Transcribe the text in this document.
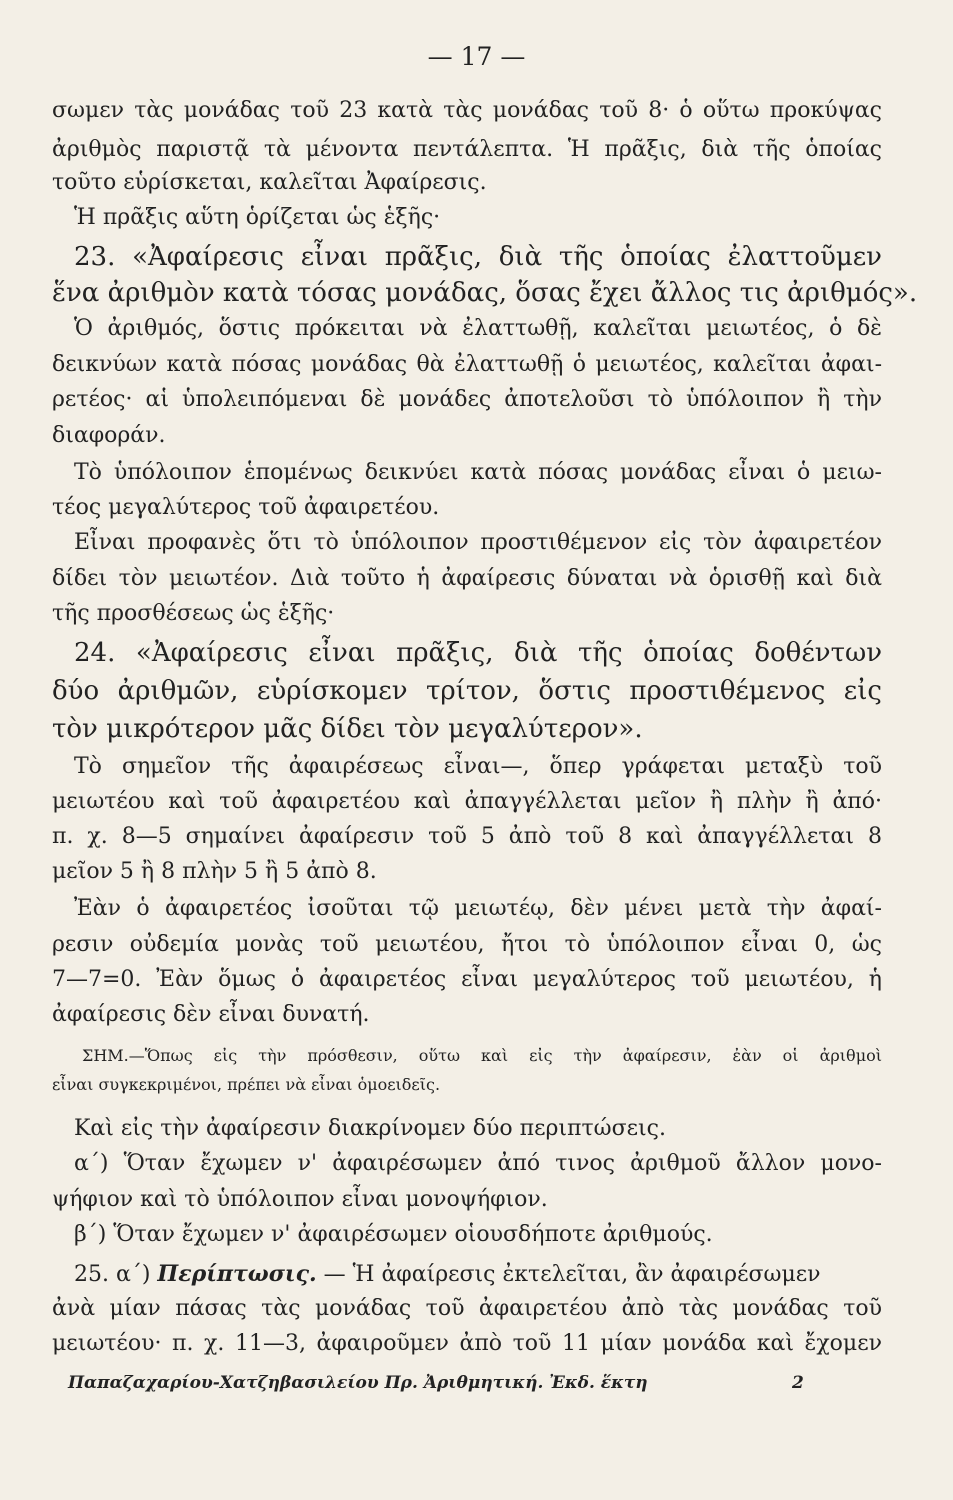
— 17 —
σωμεν τὰς μονάδας τοῦ 23 κατὰ τὰς μονάδας τοῦ 8· ὁ οὕτω προκύψας
ἀριθμὸς παριστᾷ τὰ μένοντα πεντάλεπτα. Ἡ πρᾶξις, διὰ τῆς ὁποίας
τοῦτο εὑρίσκεται, καλεῖται Ἀφαίρεσις.
Ἡ πρᾶξις αὕτη ὁρίζεται ὡς ἑξῆς·
23. «Ἀφαίρεσις εἶναι πρᾶξις, διὰ τῆς ὁποίας ἐλαττοῦμεν
ἕνα ἀριθμὸν κατὰ τόσας μονάδας, ὅσας ἔχει ἄλλος τις ἀριθμός».
Ὁ ἀριθμός, ὅστις πρόκειται νὰ ἐλαττωθῇ, καλεῖται μειωτέος, ὁ δὲ
δεικνύων κατὰ πόσας μονάδας θὰ ἐλαττωθῇ ὁ μειωτέος, καλεῖται ἀφαι-
ρετέος· αἱ ὑπολειπόμεναι δὲ μονάδες ἀποτελοῦσι τὸ ὑπόλοιπον ἢ τὴν
διαφοράν.
Τὸ ὑπόλοιπον ἑπομένως δεικνύει κατὰ πόσας μονάδας εἶναι ὁ μειω-
τέος μεγαλύτερος τοῦ ἀφαιρετέου.
Εἶναι προφανὲς ὅτι τὸ ὑπόλοιπον προστιθέμενον εἰς τὸν ἀφαιρετέον
δίδει τὸν μειωτέον. Διὰ τοῦτο ἡ ἀφαίρεσις δύναται νὰ ὁρισθῇ καὶ διὰ
τῆς προσθέσεως ὡς ἑξῆς·
24. «Ἀφαίρεσις εἶναι πρᾶξις, διὰ τῆς ὁποίας δοθέντων
δύο ἀριθμῶν, εὑρίσκομεν τρίτον, ὅστις προστιθέμενος εἰς
τὸν μικρότερον μᾶς δίδει τὸν μεγαλύτερον».
Τὸ σημεῖον τῆς ἀφαιρέσεως εἶναι—, ὅπερ γράφεται μεταξὺ τοῦ
μειωτέου καὶ τοῦ ἀφαιρετέου καὶ ἀπαγγέλλεται μεῖον ἢ πλὴν ἢ ἀπό·
π. χ. 8—5 σημαίνει ἀφαίρεσιν τοῦ 5 ἀπὸ τοῦ 8 καὶ ἀπαγγέλλεται 8
μεῖον 5 ἢ 8 πλὴν 5 ἢ 5 ἀπὸ 8.
Ἐὰν ὁ ἀφαιρετέος ἰσοῦται τῷ μειωτέῳ, δὲν μένει μετὰ τὴν ἀφαί-
ρεσιν οὐδεμία μονὰς τοῦ μειωτέου, ἤτοι τὸ ὑπόλοιπον εἶναι 0, ὡς
7—7=0. Ἐὰν ὅμως ὁ ἀφαιρετέος εἶναι μεγαλύτερος τοῦ μειωτέου, ἡ
ἀφαίρεσις δὲν εἶναι δυνατή.
ΣΗΜ.—Ὅπως εἰς τὴν πρόσθεσιν, οὕτω καὶ εἰς τὴν ἀφαίρεσιν, ἐὰν οἱ ἀριθμοὶ
εἶναι συγκεκριμένοι, πρέπει νὰ εἶναι ὁμοειδεῖς.
Καὶ εἰς τὴν ἀφαίρεσιν διακρίνομεν δύο περιπτώσεις.
α΄) Ὅταν ἔχωμεν ν' ἀφαιρέσωμεν ἀπό τινος ἀριθμοῦ ἄλλον μονο-
ψήφιον καὶ τὸ ὑπόλοιπον εἶναι μονοψήφιον.
β΄) Ὅταν ἔχωμεν ν' ἀφαιρέσωμεν οἱουσδήποτε ἀριθμούς.
25. α΄) Περίπτωσις. — Ἡ ἀφαίρεσις ἐκτελεῖται, ἂν ἀφαιρέσωμεν
ἀνὰ μίαν πάσας τὰς μονάδας τοῦ ἀφαιρετέου ἀπὸ τὰς μονάδας τοῦ
μειωτέου· π. χ. 11—3, ἀφαιροῦμεν ἀπὸ τοῦ 11 μίαν μονάδα καὶ ἔχομεν
Παπαζαχαρίου-Χατζηβασιλείου Πρ. Ἀριθμητική. Ἐκδ. ἕκτη	2
